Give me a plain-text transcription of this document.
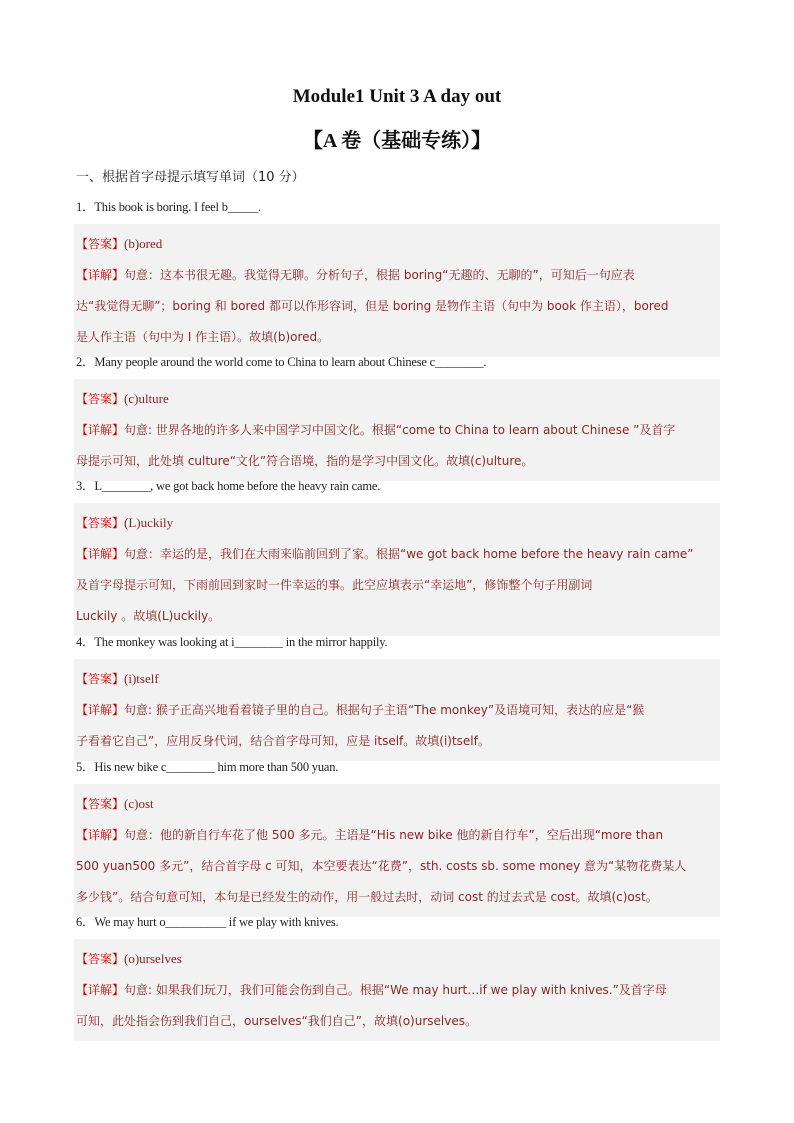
Module1 Unit 3 A day out
【A 卷（基础专练）】
一、根据首字母提示填写单词（10 分）
1．This book is boring. I feel b_____.
【答案】(b)ored
【详解】句意：这本书很无趣。我觉得无聊。分析句子，根据 boring“无趣的、无聊的”，可知后一句应表
达“我觉得无聊”；boring 和 bored 都可以作形容词，但是 boring 是物作主语（句中为 book 作主语），bored
是人作主语（句中为 I 作主语）。故填(b)ored。
2．Many people around the world come to China to learn about Chinese c________.
【答案】(c)ulture
【详解】句意: 世界各地的许多人来中国学习中国文化。根据“come to China to learn about Chinese ”及首字
母提示可知，此处填 culture“文化”符合语境，指的是学习中国文化。故填(c)ulture。
3．L________, we got back home before the heavy rain came.
【答案】(L)uckily
【详解】句意：幸运的是，我们在大雨来临前回到了家。根据“we got back home before the heavy rain came”
及首字母提示可知，下雨前回到家时一件幸运的事。此空应填表示“幸运地”，修饰整个句子用副词
Luckily 。故填(L)uckily。
4．The monkey was looking at i________ in the mirror happily.
【答案】(i)tself
【详解】句意: 猴子正高兴地看着镜子里的自己。根据句子主语“The monkey”及语境可知，表达的应是“猴
子看着它自己”，应用反身代词，结合首字母可知，应是 itself。故填(i)tself。
5．His new bike c________ him more than 500 yuan.
【答案】(c)ost
【详解】句意：他的新自行车花了他 500 多元。主语是“His new bike 他的新自行车”，空后出现“more than
500 yuan500 多元”，结合首字母 c 可知，本空要表达“花费”，sth. costs sb. some money 意为“某物花费某人
多少钱”。结合句意可知，本句是已经发生的动作，用一般过去时，动词 cost 的过去式是 cost。故填(c)ost。
6．We may hurt o__________ if we play with knives.
【答案】(o)urselves
【详解】句意: 如果我们玩刀，我们可能会伤到自己。根据“We may hurt…if we play with knives.”及首字母
可知，此处指会伤到我们自己，ourselves“我们自己”，故填(o)urselves。
